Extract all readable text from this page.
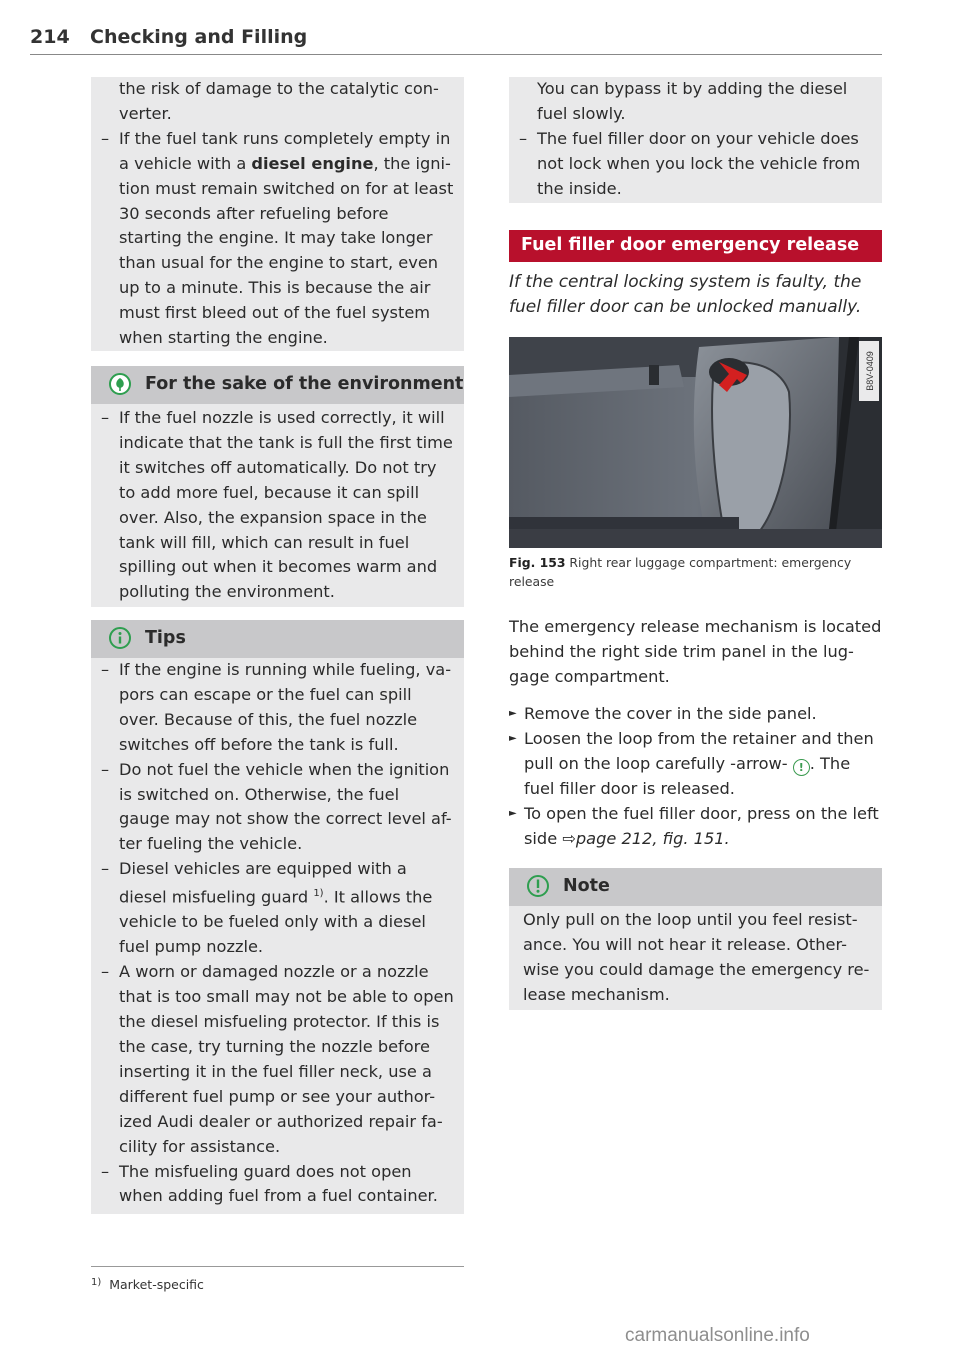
214 Checking and Filling
the risk of damage to the catalytic con-
verter.
– If the fuel tank runs completely empty in a vehicle with a diesel engine, the igni-tion must remain switched on for at least 30 seconds after refueling before starting the engine. It may take longer than usual for the engine to start, even up to a minute. This is because the air must first bleed out of the fuel system when starting the engine.
For the sake of the environment
– If the fuel nozzle is used correctly, it will indicate that the tank is full the first time it switches off automatically. Do not try to add more fuel, because it can spill over. Also, the expansion space in the tank will fill, which can result in fuel spilling out when it becomes warm and polluting the environment.
Tips
– If the engine is running while fueling, va-pors can escape or the fuel can spill over. Because of this, the fuel nozzle switches off before the tank is full.
– Do not fuel the vehicle when the ignition is switched on. Otherwise, the fuel gauge may not show the correct level af-ter fueling the vehicle.
– Diesel vehicles are equipped with a diesel misfueling guard $^{1)}$. It allows the vehicle to be fueled only with a diesel fuel pump nozzle.
– A worn or damaged nozzle or a nozzle that is too small may not be able to open the diesel misfueling protector. If this is the case, try turning the nozzle before inserting it in the fuel filler neck, use a different fuel pump or see your author-ized Audi dealer or authorized repair fa-cility for assistance.
– The misfueling guard does not open when adding fuel from a fuel container.
$^{1)}$ Market-specific
You can bypass it by adding the diesel
fuel slowly.
– The fuel filler door on your vehicle does not lock when you lock the vehicle from the inside.
Fuel filler door emergency release
If the central locking system is faulty, the fuel filler door can be unlocked manually.
B8V-0409
Fig. 153 Right rear luggage compartment: emergency release
The emergency release mechanism is located behind the right side trim panel in the lug-gage compartment.
► Remove the cover in the side panel.
► Loosen the loop from the retainer and then pull on the loop carefully -arrow- ! . The fuel filler door is released.
► To open the fuel filler door, press on the left side ⇨page 212, fig. 151.
Note
Only pull on the loop until you feel resist-ance. You will not hear it release. Other-wise you could damage the emergency re-lease mechanism.
carmanualsonline.info
